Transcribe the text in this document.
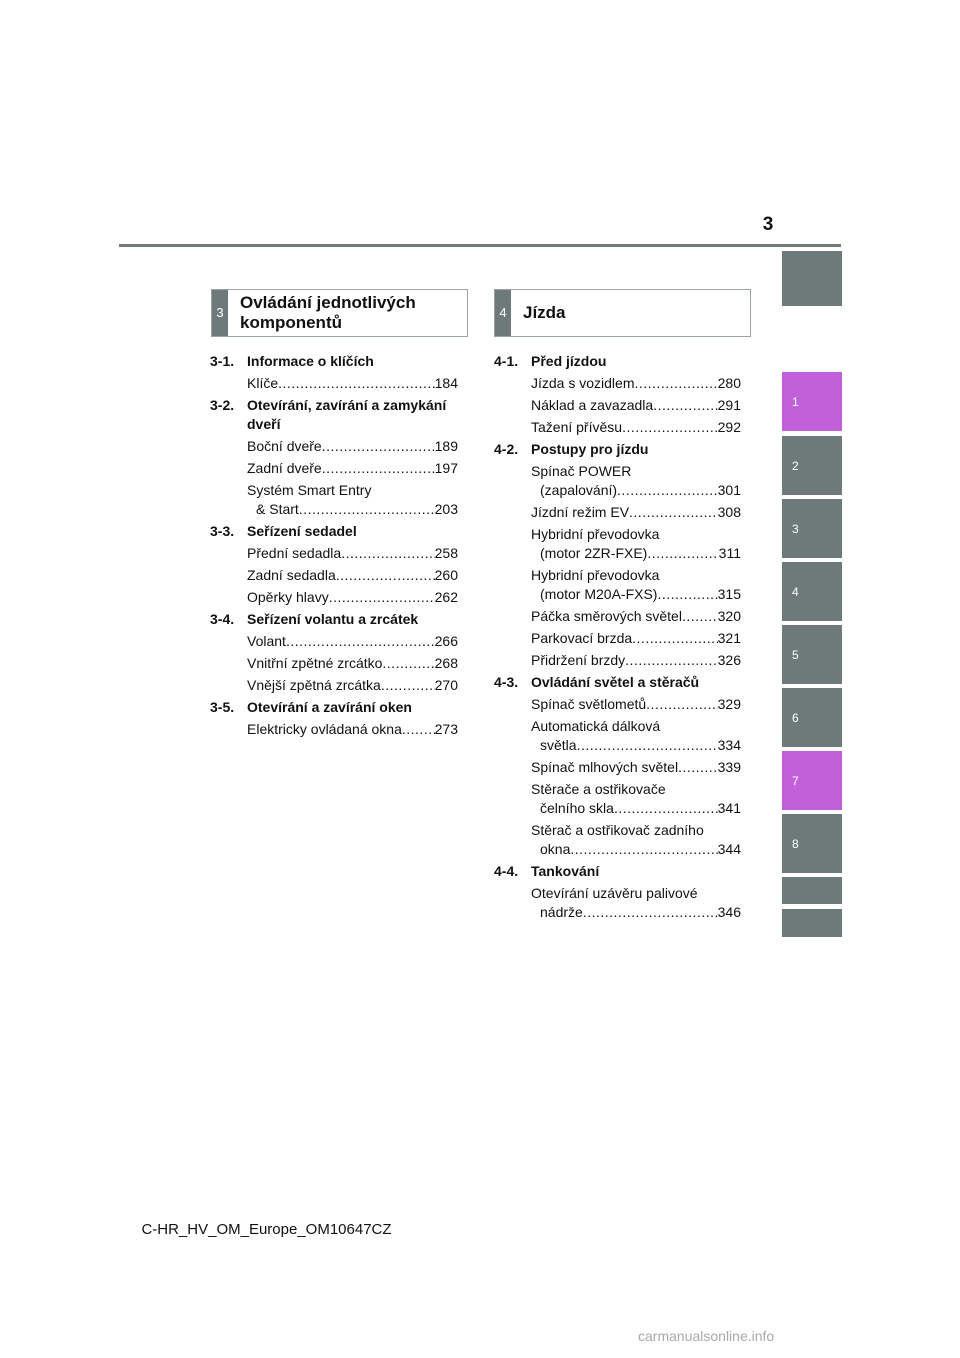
3
1
2
3
4
5
6
7
8
3
Ovládání jednotlivých komponentů
4 Jízda
3-1. Informace o klíčích
Klíče .....	184
3-2. Otevírání, zavírání a zamykání dveří
Boční dveře .....	189
Zadní dveře .....	197
Systém Smart Entry
& Start .....	203
3-3. Seřízení sedadel
Přední sedadla .....	258
Zadní sedadla .....	260
Opěrky hlavy .....	262
3-4. Seřízení volantu a zrcátek
Volant .....	266
Vnitřní zpětné zrcátko .....	268
Vnější zpětná zrcátka .....	270
3-5. Otevírání a zavírání oken
Elektricky ovládaná okna ..... 273
4-1. Před jízdou
Jízda s vozidlem .....	280
Náklad a zavazadla .....	291
Tažení přívěsu .....	292
4-2. Postupy pro jízdu
Spínač POWER
(zapalování) .....	301
Jízdní režim EV .....	308
Hybridní převodovka
(motor 2ZR-FXE) .....	311
Hybridní převodovka
(motor M20A-FXS) .....	315
Páčka směrových světel .....	320
Parkovací brzda .....	321
Přidržení brzdy .....	326
4-3. Ovládání světel a stěračů
Spínač světlometů .....	329
Automatická dálková
světla .....	334
Spínač mlhových světel .....	339
Stěrače a ostřikovače
čelního skla .....	341
Stěrač a ostřikovač zadního
okna .....	344
4-4. Tankování
Otevírání uzávěru palivové
nádrže .....	346
C-HR_HV_OM_Europe_OM10647CZ
carmanualsonline.info
